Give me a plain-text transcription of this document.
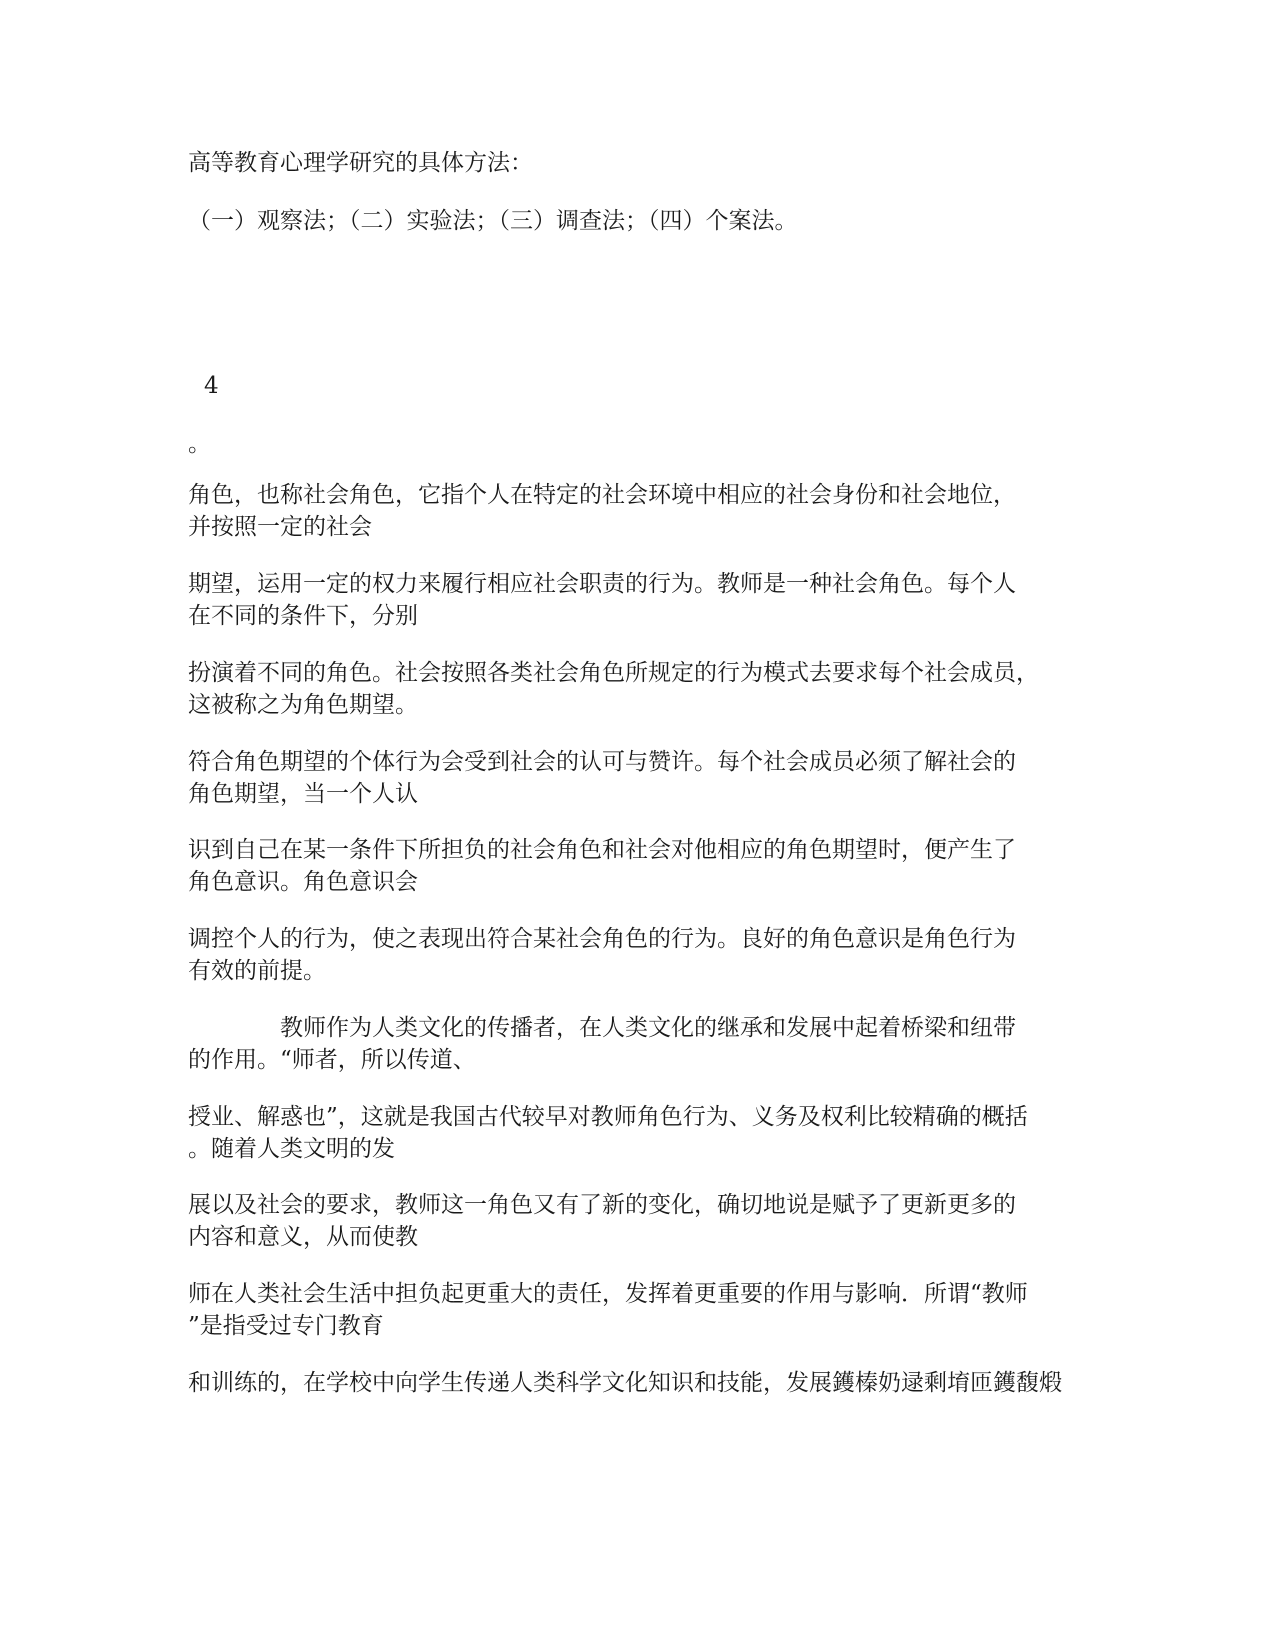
高等教育心理学研究的具体方法：
（一）观察法；（二）实验法；（三）调查法；（四）个案法。
4
。
角色，也称社会角色，它指个人在特定的社会环境中相应的社会身份和社会地位，
并按照一定的社会
期望，运用一定的权力来履行相应社会职责的行为。教师是一种社会角色。每个人
在不同的条件下，分别
扮演着不同的角色。社会按照各类社会角色所规定的行为模式去要求每个社会成员，
这被称之为角色期望。
符合角色期望的个体行为会受到社会的认可与赞许。每个社会成员必须了解社会的
角色期望，当一个人认
识到自己在某一条件下所担负的社会角色和社会对他相应的角色期望时，便产生了
角色意识。角色意识会
调控个人的行为，使之表现出符合某社会角色的行为。良好的角色意识是角色行为
有效的前提。
　　　　教师作为人类文化的传播者，在人类文化的继承和发展中起着桥梁和纽带
的作用。“师者，所以传道、
授业、解惑也”，这就是我国古代较早对教师角色行为、义务及权利比较精确的概括
。随着人类文明的发
展以及社会的要求，教师这一角色又有了新的变化，确切地说是赋予了更新更多的
内容和意义，从而使教
师在人类社会生活中担负起更重大的责任，发挥着更重要的作用与影响．所谓“教师
”是指受过专门教育
和训练的，在学校中向学生传递人类科学文化知识和技能，发展鑊榛奶逯剩堉匝鑊馥煅
